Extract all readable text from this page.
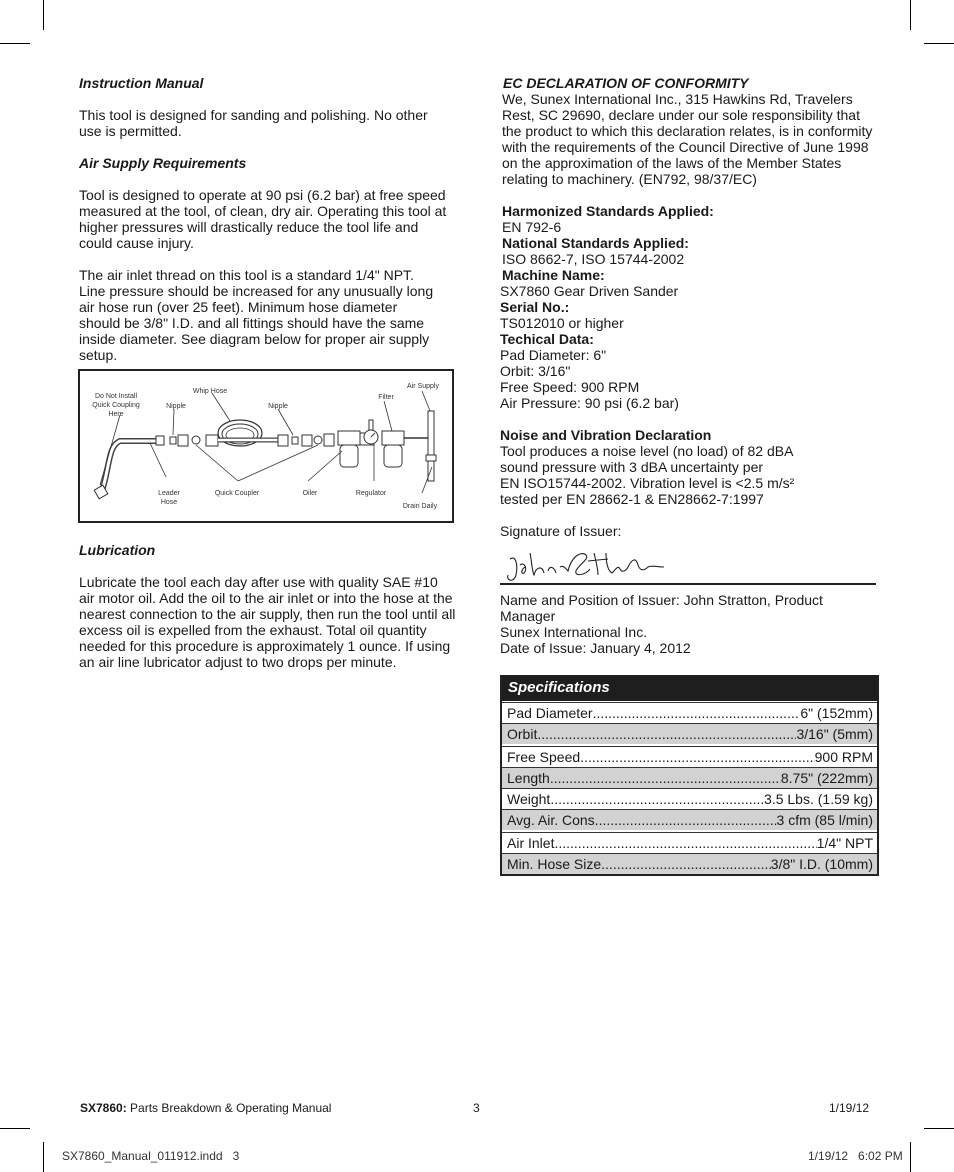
Instruction Manual

This tool is designed for sanding and polishing. No other use is permitted.

Air Supply Requirements

Tool is designed to operate at 90 psi (6.2 bar) at free speed measured at the tool, of clean, dry air. Operating this tool at higher pressures will drastically reduce the tool life and could cause injury.

The air inlet thread on this tool is a standard 1/4" NPT. Line pressure should be increased for any unusually long air hose run (over 25 feet). Minimum hose diameter should be 3/8" I.D. and all fittings should have the same inside diameter. See diagram below for proper air supply setup.

Do Not Install
Quick Coupling
Here
Nipple
Whip Hose
Nipple
Filter
Air Supply
Leader
Hose
Quick Coupler	Oiler	Regulator
Drain Daily
Lubrication

Lubricate the tool each day after use with quality SAE #10 air motor oil. Add the oil to the air inlet or into the hose at the nearest connection to the air supply, then run the tool until all excess oil is expelled from the exhaust. Total oil quantity needed for this procedure is approximately 1 ounce. If using an air line lubricator adjust to two drops per minute.

EC DECLARATION OF CONFORMITY

We, Sunex International Inc., 315 Hawkins Rd, Travelers Rest, SC 29690, declare under our sole responsibility that the product to which this declaration relates, is in conformity with the requirements of the Council Directive of June 1998 on the approximation of the laws of the Member States relating to machinery. (EN792, 98/37/EC)

Harmonized Standards Applied:
EN 792-6
National Standards Applied:
ISO 8662-7, ISO 15744-2002
Machine Name:
SX7860 Gear Driven Sander
Serial No.:
TS012010 or higher
Techical Data:
Pad Diameter: 6"
Orbit: 3/16"
Free Speed: 900 RPM
Air Pressure: 90 psi (6.2 bar)
Noise and Vibration Declaration
Tool produces a noise level (no load) of 82 dBA
sound pressure with 3 dBA uncertainty per
EN ISO15744-2002. Vibration level is <2.5 m/s²
tested per EN 28662-1 & EN28662-7:1997
Signature of Issuer:
Name and Position of Issuer: John Stratton, Product Manager
Sunex International Inc.
Date of Issue: January 4, 2012
Specifications
Pad Diameter .....	6" (152mm)
Orbit .....	3/16" (5mm)
Free Speed .....	900 RPM
Length .....	8.75" (222mm)
Weight .....	3.5 Lbs. (1.59 kg)
Avg. Air. Cons. .....	3 cfm (85 l/min)
Air Inlet .....	1/4" NPT
Min. Hose Size .....	3/8" I.D. (10mm)
SX7860: Parts Breakdown & Operating Manual	3	1/19/12
SX7860_Manual_011912.indd   3	1/19/12   6:02 PM
